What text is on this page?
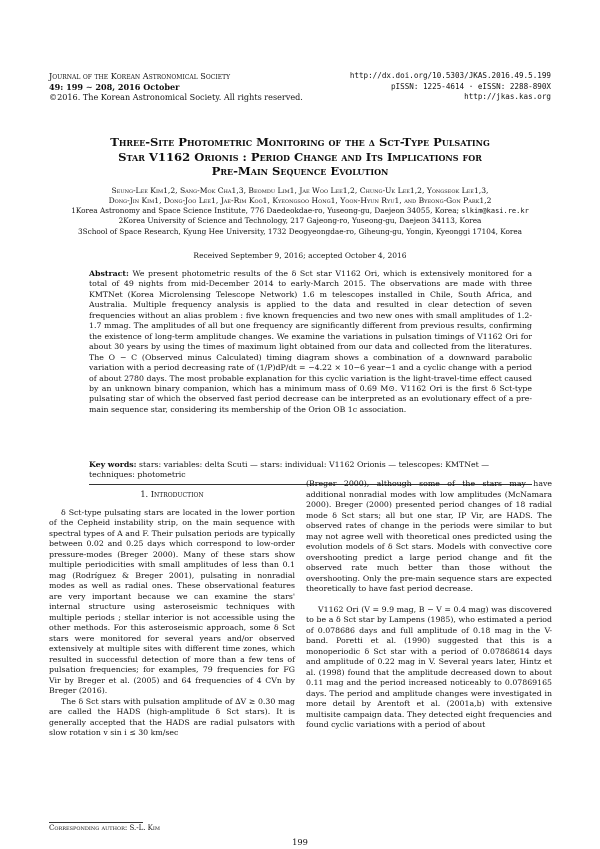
Journal of the Korean Astronomical Society
49: 199 ∼ 208, 2016 October
©2016. The Korean Astronomical Society. All rights reserved.
http://dx.doi.org/10.5303/JKAS.2016.49.5.199
pISSN: 1225-4614 · eISSN: 2288-890X
http://jkas.kas.org
Three-Site Photometric Monitoring of the δ Sct-Type Pulsating
Star V1162 Orionis : Period Change and Its Implications for
Pre-Main Sequence Evolution
Seung-Lee Kim1,2, Sang-Mok Cha1,3, Beomdu Lim1, Jae Woo Lee1,2, Chung-Uk Lee1,2, Yongseok Lee1,3,
Dong-Jin Kim1, Dong-Joo Lee1, Jae-Rim Koo1, Kyeongsoo Hong1, Yoon-Hyun Ryu1, and Byeong-Gon Park1,2
1Korea Astronomy and Space Science Institute, 776 Daedeokdae-ro, Yuseong-gu, Daejeon 34055, Korea; slkim@kasi.re.kr
2Korea University of Science and Technology, 217 Gajeong-ro, Yuseong-gu, Daejeon 34113, Korea
3School of Space Research, Kyung Hee University, 1732 Deogyeongdae-ro, Giheung-gu, Yongin, Kyeonggi 17104, Korea
Received September 9, 2016; accepted October 4, 2016
Abstract: We present photometric results of the δ Sct star V1162 Ori, which is extensively monitored for a total of 49 nights from mid-December 2014 to early-March 2015. The observations are made with three KMTNet (Korea Microlensing Telescope Network) 1.6 m telescopes installed in Chile, South Africa, and Australia. Multiple frequency analysis is applied to the data and resulted in clear detection of seven frequencies without an alias problem : five known frequencies and two new ones with small amplitudes of 1.2-1.7 mmag. The amplitudes of all but one frequency are significantly different from previous results, confirming the existence of long-term amplitude changes. We examine the variations in pulsation timings of V1162 Ori for about 30 years by using the times of maximum light obtained from our data and collected from the literatures. The O − C (Observed minus Calculated) timing diagram shows a combination of a downward parabolic variation with a period decreasing rate of (1/P)dP/dt = −4.22 × 10−6 year−1 and a cyclic change with a period of about 2780 days. The most probable explanation for this cyclic variation is the light-travel-time effect caused by an unknown binary companion, which has a minimum mass of 0.69 M⊙. V1162 Ori is the first δ Sct-type pulsating star of which the observed fast period decrease can be interpreted as an evolutionary effect of a pre-main sequence star, considering its membership of the Orion OB 1c association.
Key words: stars: variables: delta Scuti — stars: individual: V1162 Orionis — telescopes: KMTNet — techniques: photometric
1. Introduction

δ Sct-type pulsating stars are located in the lower portion of the Cepheid instability strip, on the main sequence with spectral types of A and F. Their pulsation periods are typically between 0.02 and 0.25 days which correspond to low-order pressure-modes (Breger 2000). Many of these stars show multiple periodicities with small amplitudes of less than 0.1 mag (Rodríguez & Breger 2001), pulsating in nonradial modes as well as radial ones. These observational features are very important because we can examine the stars' internal structure using asteroseismic techniques with multiple periods ; stellar interior is not accessible using the other methods. For this asteroseismic approach, some δ Sct stars were monitored for several years and/or observed extensively at multiple sites with different time zones, which resulted in successful detection of more than a few tens of pulsation frequencies; for examples, 79 frequencies for FG Vir by Breger et al. (2005) and 64 frequencies of 4 CVn by Breger (2016).

The δ Sct stars with pulsation amplitude of ∆V ≥ 0.30 mag are called the HADS (high-amplitude δ Sct stars). It is generally accepted that the HADS are radial pulsators with slow rotation v sin i ≤ 30 km/sec

(Breger 2000), although some of the stars may have additional nonradial modes with low amplitudes (McNamara 2000). Breger (2000) presented period changes of 18 radial mode δ Sct stars; all but one star, IP Vir, are HADS. The observed rates of change in the periods were similar to but may not agree well with theoretical ones predicted using the evolution models of δ Sct stars. Models with convective core overshooting predict a large period change and fit the observed rate much better than those without the overshooting. Only the pre-main sequence stars are expected theoretically to have fast period decrease.

V1162 Ori (V = 9.9 mag, B − V = 0.4 mag) was discovered to be a δ Sct star by Lampens (1985), who estimated a period of 0.078686 days and full amplitude of 0.18 mag in the V-band. Poretti et al. (1990) suggested that this is a monoperiodic δ Sct star with a period of 0.07868614 days and amplitude of 0.22 mag in V. Several years later, Hintz et al. (1998) found that the amplitude decreased down to about 0.11 mag and the period increased noticeably to 0.07869165 days. The period and amplitude changes were investigated in more detail by Arentoft et al. (2001a,b) with extensive multisite campaign data. They detected eight frequencies and found cyclic variations with a period of about

Corresponding author: S.-L. Kim
199
